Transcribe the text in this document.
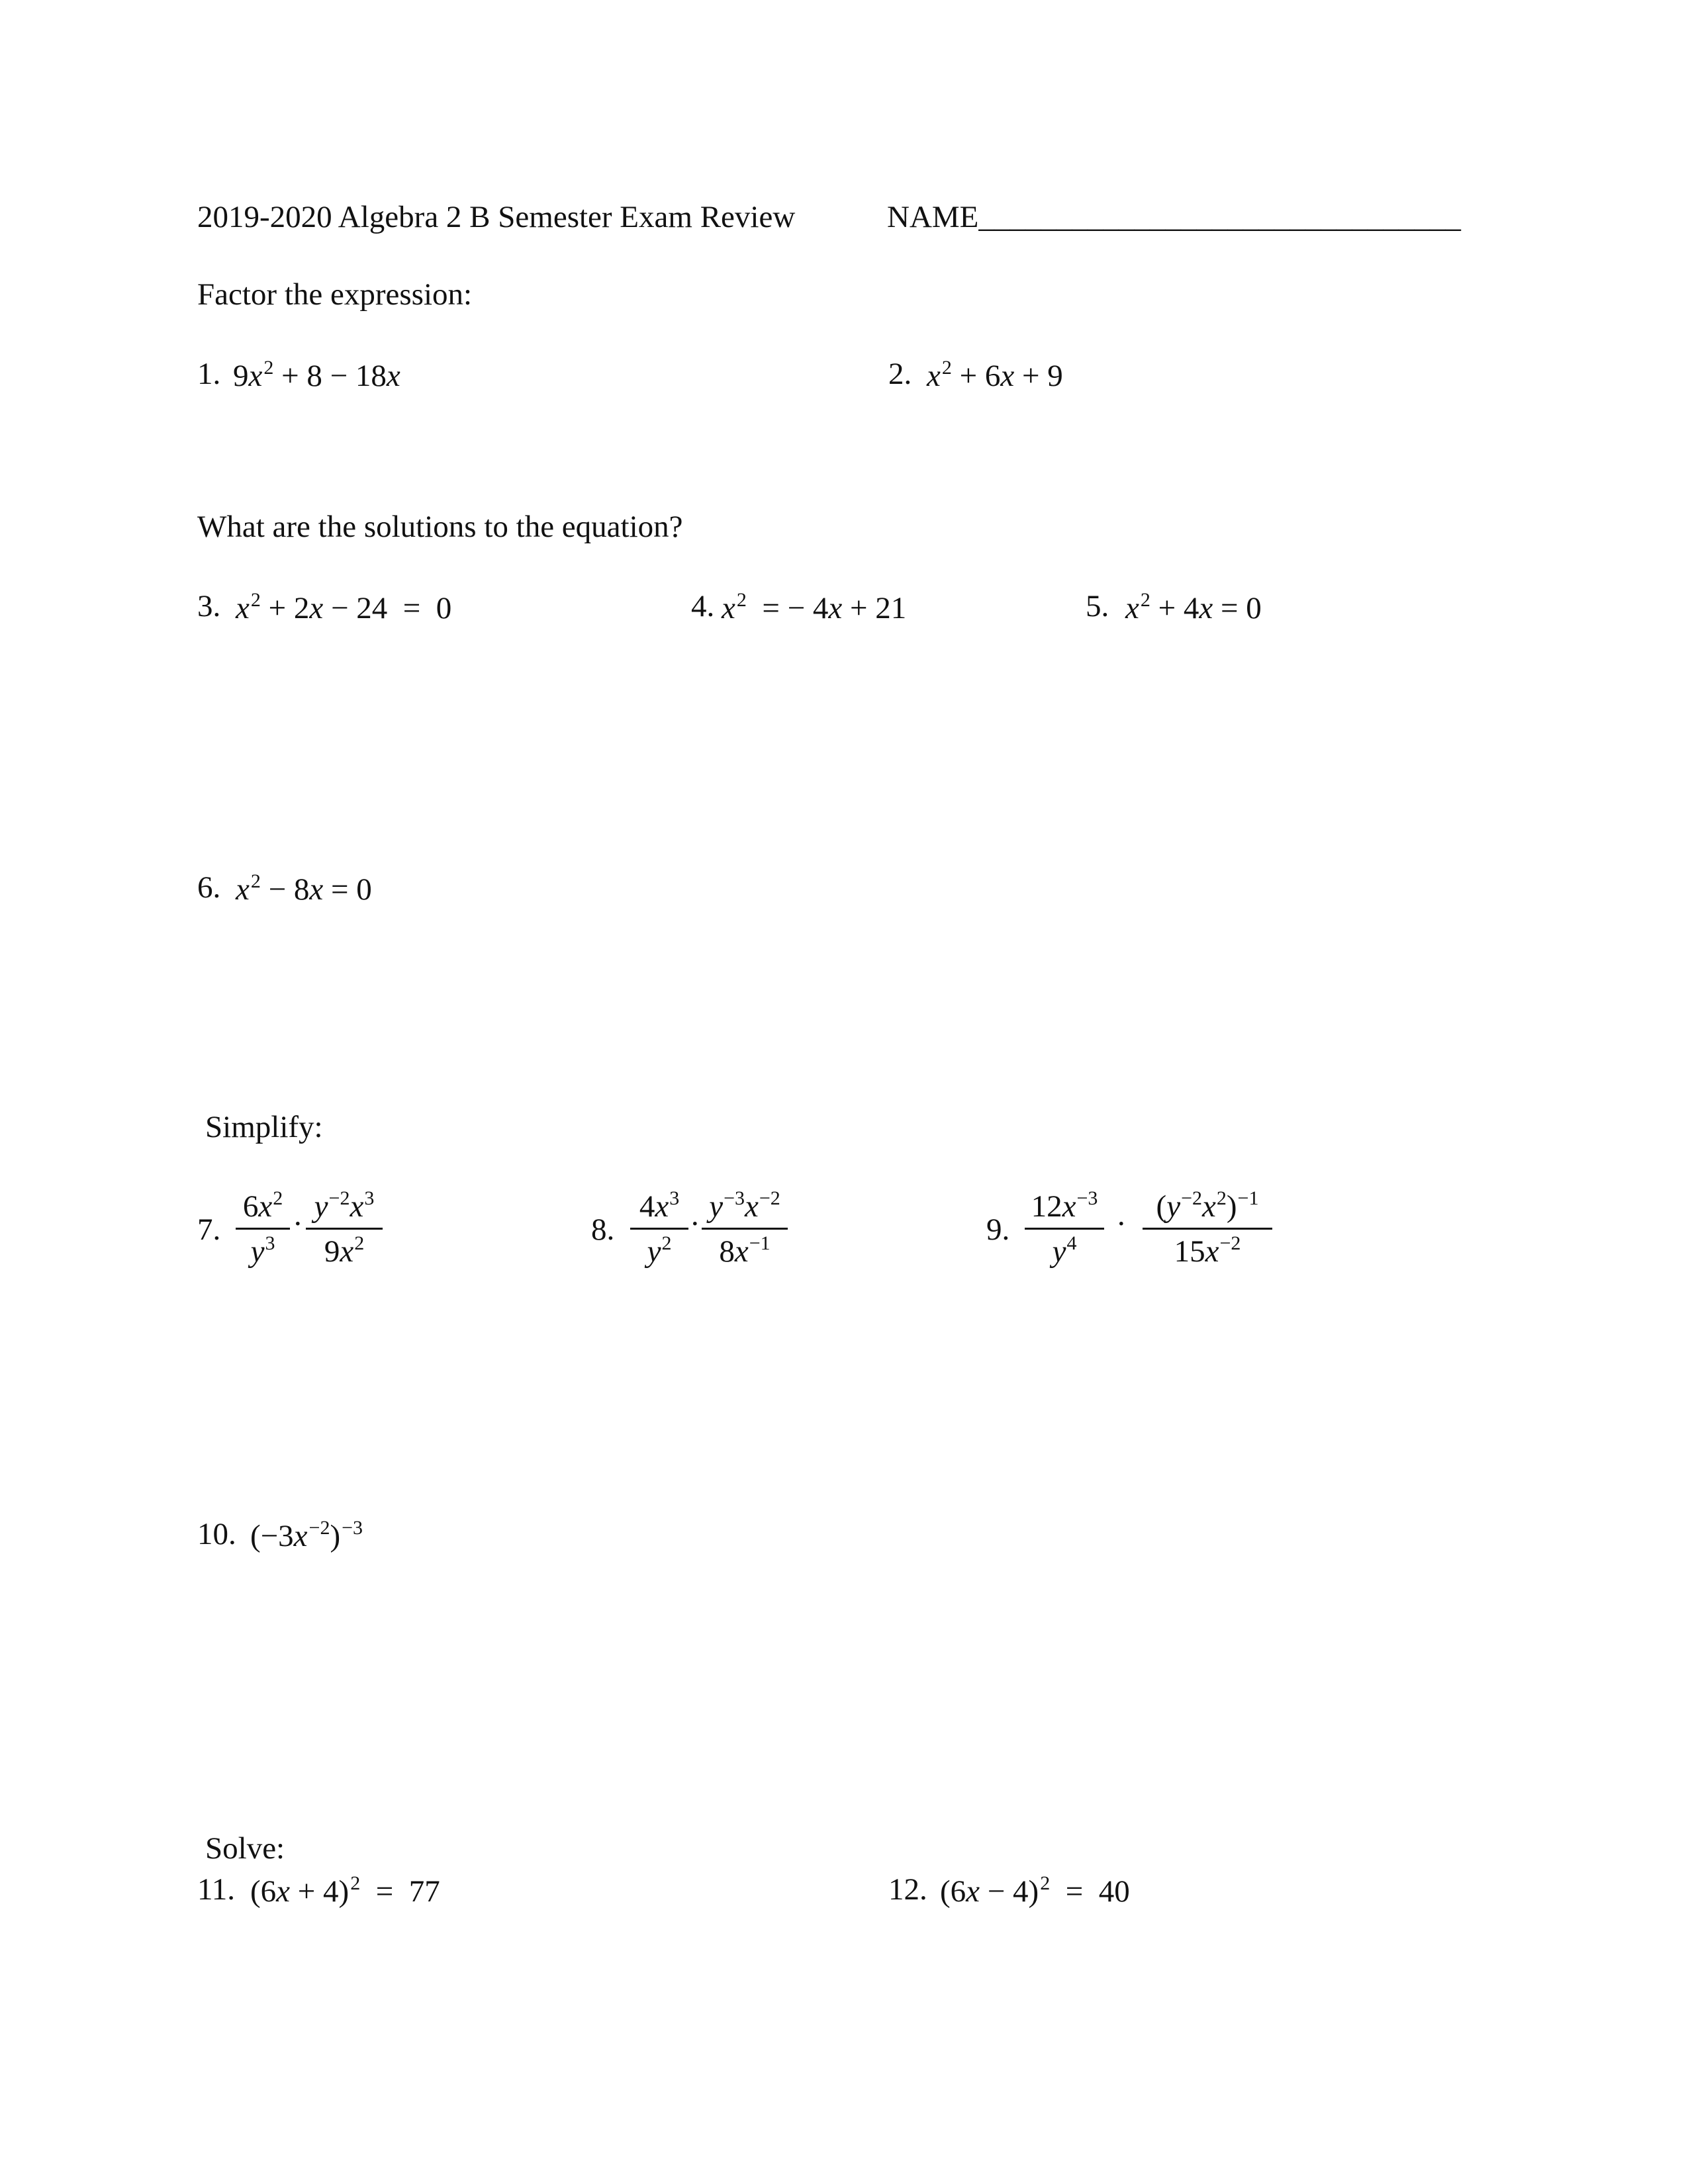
2019-2020 Algebra 2 B Semester Exam Review	NAME_______________________________
Factor the expression:
1. $9x^2 + 8 - 18x$	2. $x^2 + 6x + 9$
What are the solutions to the equation?
3. $x^2 + 2x - 24 = 0$	4. $x^2$  = − 4x + 21	5. $x^2 + 4x = 0$
6. $x^2 - 8x = 0$
Simplify:
7.
$6x^2$
$y^3$
· $y^{-2}x^3$
$9x^2$	8.
$4x^3$
$y^2$
· $y^{-3}x^{-2}$
$8x^{-1}$	9.
$12x^{-3}$
$y^4$
· $(y^{-2}x^2)^{-1}$
$15x^{-2}$
10. $(-3x^{-2})^{-3}$
Solve:
11. $(6x + 4)^2 = 77$	12. $(6x - 4)^2 = 40$
